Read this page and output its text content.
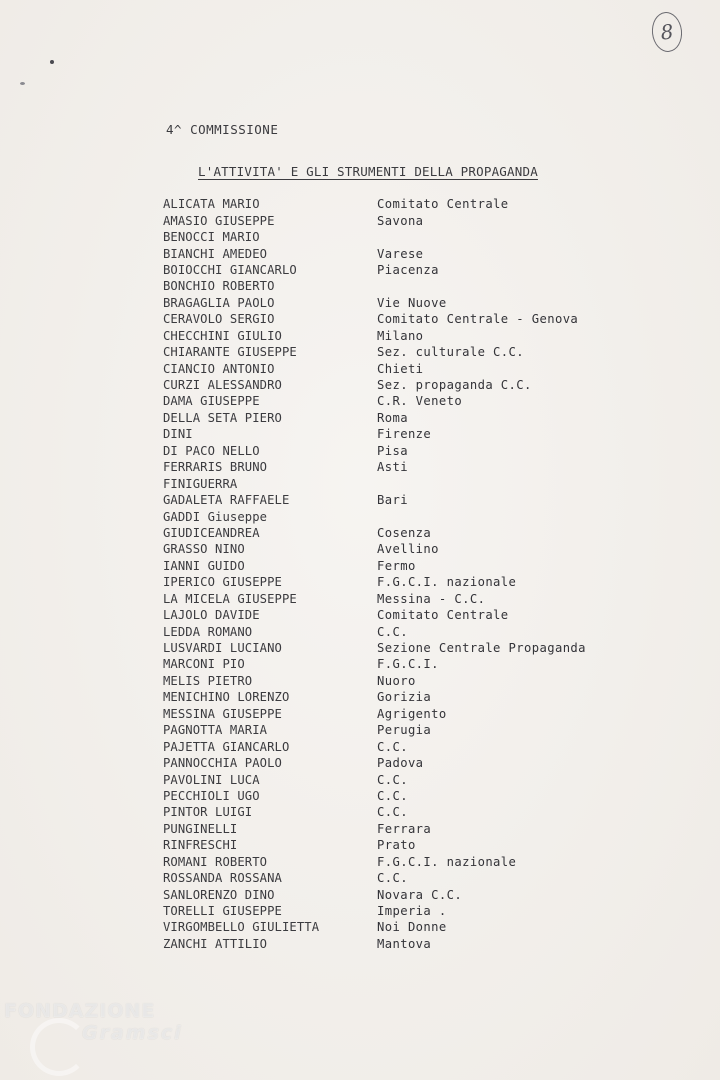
8
4^ COMMISSIONE
L'ATTIVITA' E GLI STRUMENTI DELLA PROPAGANDA
ALICATA MARIO	Comitato Centrale
AMASIO GIUSEPPE	Savona
BENOCCI MARIO
BIANCHI AMEDEO	Varese
BOIOCCHI GIANCARLO	Piacenza
BONCHIO ROBERTO
BRAGAGLIA PAOLO	Vie Nuove
CERAVOLO SERGIO	Comitato Centrale - Genova
CHECCHINI GIULIO	Milano
CHIARANTE GIUSEPPE	Sez. culturale C.C.
CIANCIO ANTONIO	Chieti
CURZI ALESSANDRO	Sez. propaganda C.C.
DAMA GIUSEPPE	C.R. Veneto
DELLA SETA PIERO	Roma
DINI	Firenze
DI PACO NELLO	Pisa
FERRARIS BRUNO	Asti
FINIGUERRA
GADALETA RAFFAELE	Bari
GADDI Giuseppe
GIUDICEANDREA	Cosenza
GRASSO NINO	Avellino
IANNI GUIDO	Fermo
IPERICO GIUSEPPE	F.G.C.I. nazionale
LA MICELA GIUSEPPE	Messina - C.C.
LAJOLO DAVIDE	Comitato Centrale
LEDDA ROMANO	C.C.
LUSVARDI LUCIANO	Sezione Centrale Propaganda
MARCONI PIO	F.G.C.I.
MELIS PIETRO	Nuoro
MENICHINO LORENZO	Gorizia
MESSINA GIUSEPPE	Agrigento
PAGNOTTA MARIA	Perugia
PAJETTA GIANCARLO	C.C.
PANNOCCHIA PAOLO	Padova
PAVOLINI LUCA	C.C.
PECCHIOLI UGO	C.C.
PINTOR LUIGI	C.C.
PUNGINELLI	Ferrara
RINFRESCHI	Prato
ROMANI ROBERTO	F.G.C.I. nazionale
ROSSANDA ROSSANA	C.C.
SANLORENZO DINO	Novara C.C.
TORELLI GIUSEPPE	Imperia .
VIRGOMBELLO GIULIETTA	Noi Donne
ZANCHI ATTILIO	Mantova
FONDAZIONE
Gramsci
